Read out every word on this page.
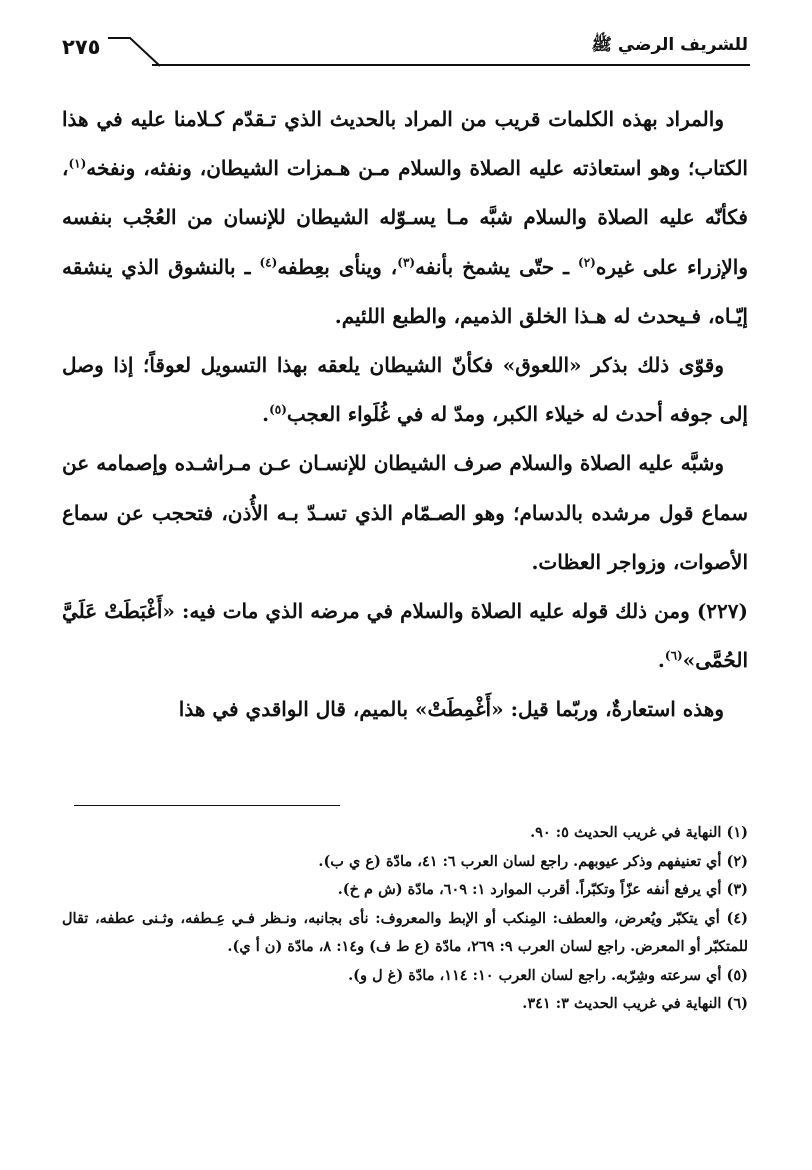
للشريف الرضي ﷺ
٢٧٥

والمراد بهذه الكلمات قريب من المراد بالحديث الذي تـقدّم كـلامنا عليه في هذا الكتاب؛ وهو استعاذته عليه الصلاة والسلام مـن هـمزات الشيطان، ونفثه، ونفخه$^{(١)}$، فكأنّه عليه الصلاة والسلام شبَّه مـا يسـوّله الشيطان للإنسان من العُجْب بنفسه والإزراء على غيره$^{(٢)}$ ـ حتّى يشمخ بأنفه$^{(٣)}$، وينأى بعِطفه$^{(٤)}$ ـ بالنشوق الذي ينشقه إيّـاه، فـيحدث له هـذا الخلق الذميم، والطبع اللئيم.

وقوّى ذلك بذكر «اللعوق» فكأنّ الشيطان يلعقه بهذا التسويل لعوقاً؛ إذا وصل إلى جوفه أحدث له خيلاء الكبر، ومدّ له في غُلَواء العجب$^{(٥)}$.

وشبَّه عليه الصلاة والسلام صرف الشيطان للإنسـان عـن مـراشـده وإصمامه عن سماع قول مرشده بالدسام؛ وهو الصـمّام الذي تسـدّ بـه الأُذن، فتحجب عن سماع الأصوات، وزواجر العظات.

(٢٢٧) ومن ذلك قوله عليه الصلاة والسلام في مرضه الذي مات فيه: «أَغْبَطَتْ عَلَيَّ الحُمَّى»$^{(٦)}$.

وهذه استعارةٌ، وربّما قيل: «أَغْمِطَتْ» بالميم، قال الواقدي في هذا

(١) النهاية في غريب الحديث ٥: ٩٠.

(٢) أي تعنيفهم وذكر عيوبهم. راجع لسان العرب ٦: ٤١، مادّة (ع ي ب).

(٣) أي يرفع أنفه عزّاً وتكبّراً. أقرب الموارد ١: ٦٠٩، مادّة (ش م خ).

(٤) أي يتكبّر ويُعرض، والعطف: المِنكب أو الإبط والمعروف: نأى بجانبه، ونـظر فـي عِـطفه، وثـنى عطفه، تقال للمتكبّر أو المعرض. راجع لسان العرب ٩: ٢٦٩، مادّة (ع ط ف) و١٤: ٨، مادّة (ن أ ي).

(٥) أي سرعته وشِرّبه. راجع لسان العرب ١٠: ١١٤، مادّة (غ ل و).

(٦) النهاية في غريب الحديث ٣: ٣٤١.
